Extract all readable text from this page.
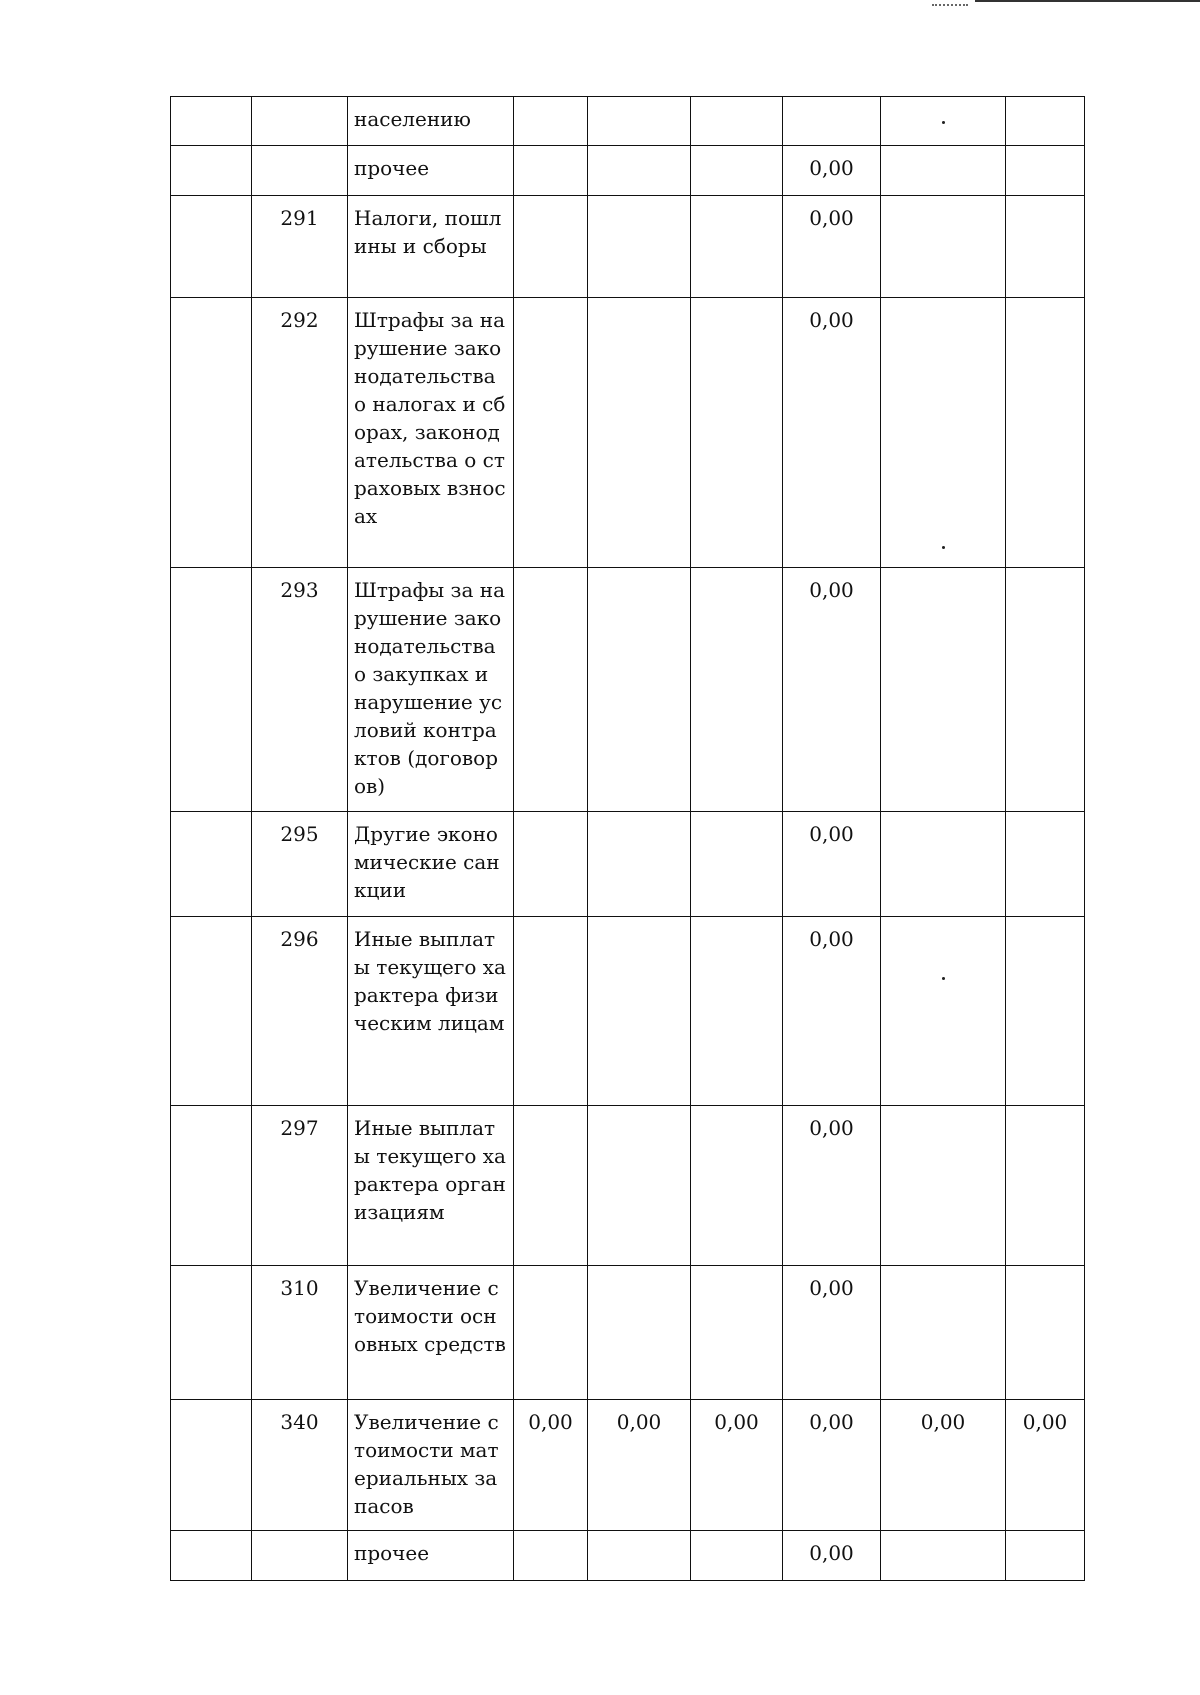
		населению					

		прочее				0,00		
	291	Налоги, пошлины и сборы				0,00		
	292	Штрафы за нарушение законодательства о налогах и сборах, законодательства о страховых взносах				0,00	

	293	Штрафы за нарушение законодательства о закупках и нарушение условий контрактов (договоров)				0,00		
	295	Другие экономические санкции				0,00		
	296	Иные выплаты текущего характера физическим лицам				0,00	

	297	Иные выплаты текущего характера организациям				0,00		
	310	Увеличение стоимости основных средств				0,00		
	340	Увеличение стоимости материальных запасов	0,00	0,00	0,00	0,00	0,00	0,00
		прочее				0,00		
